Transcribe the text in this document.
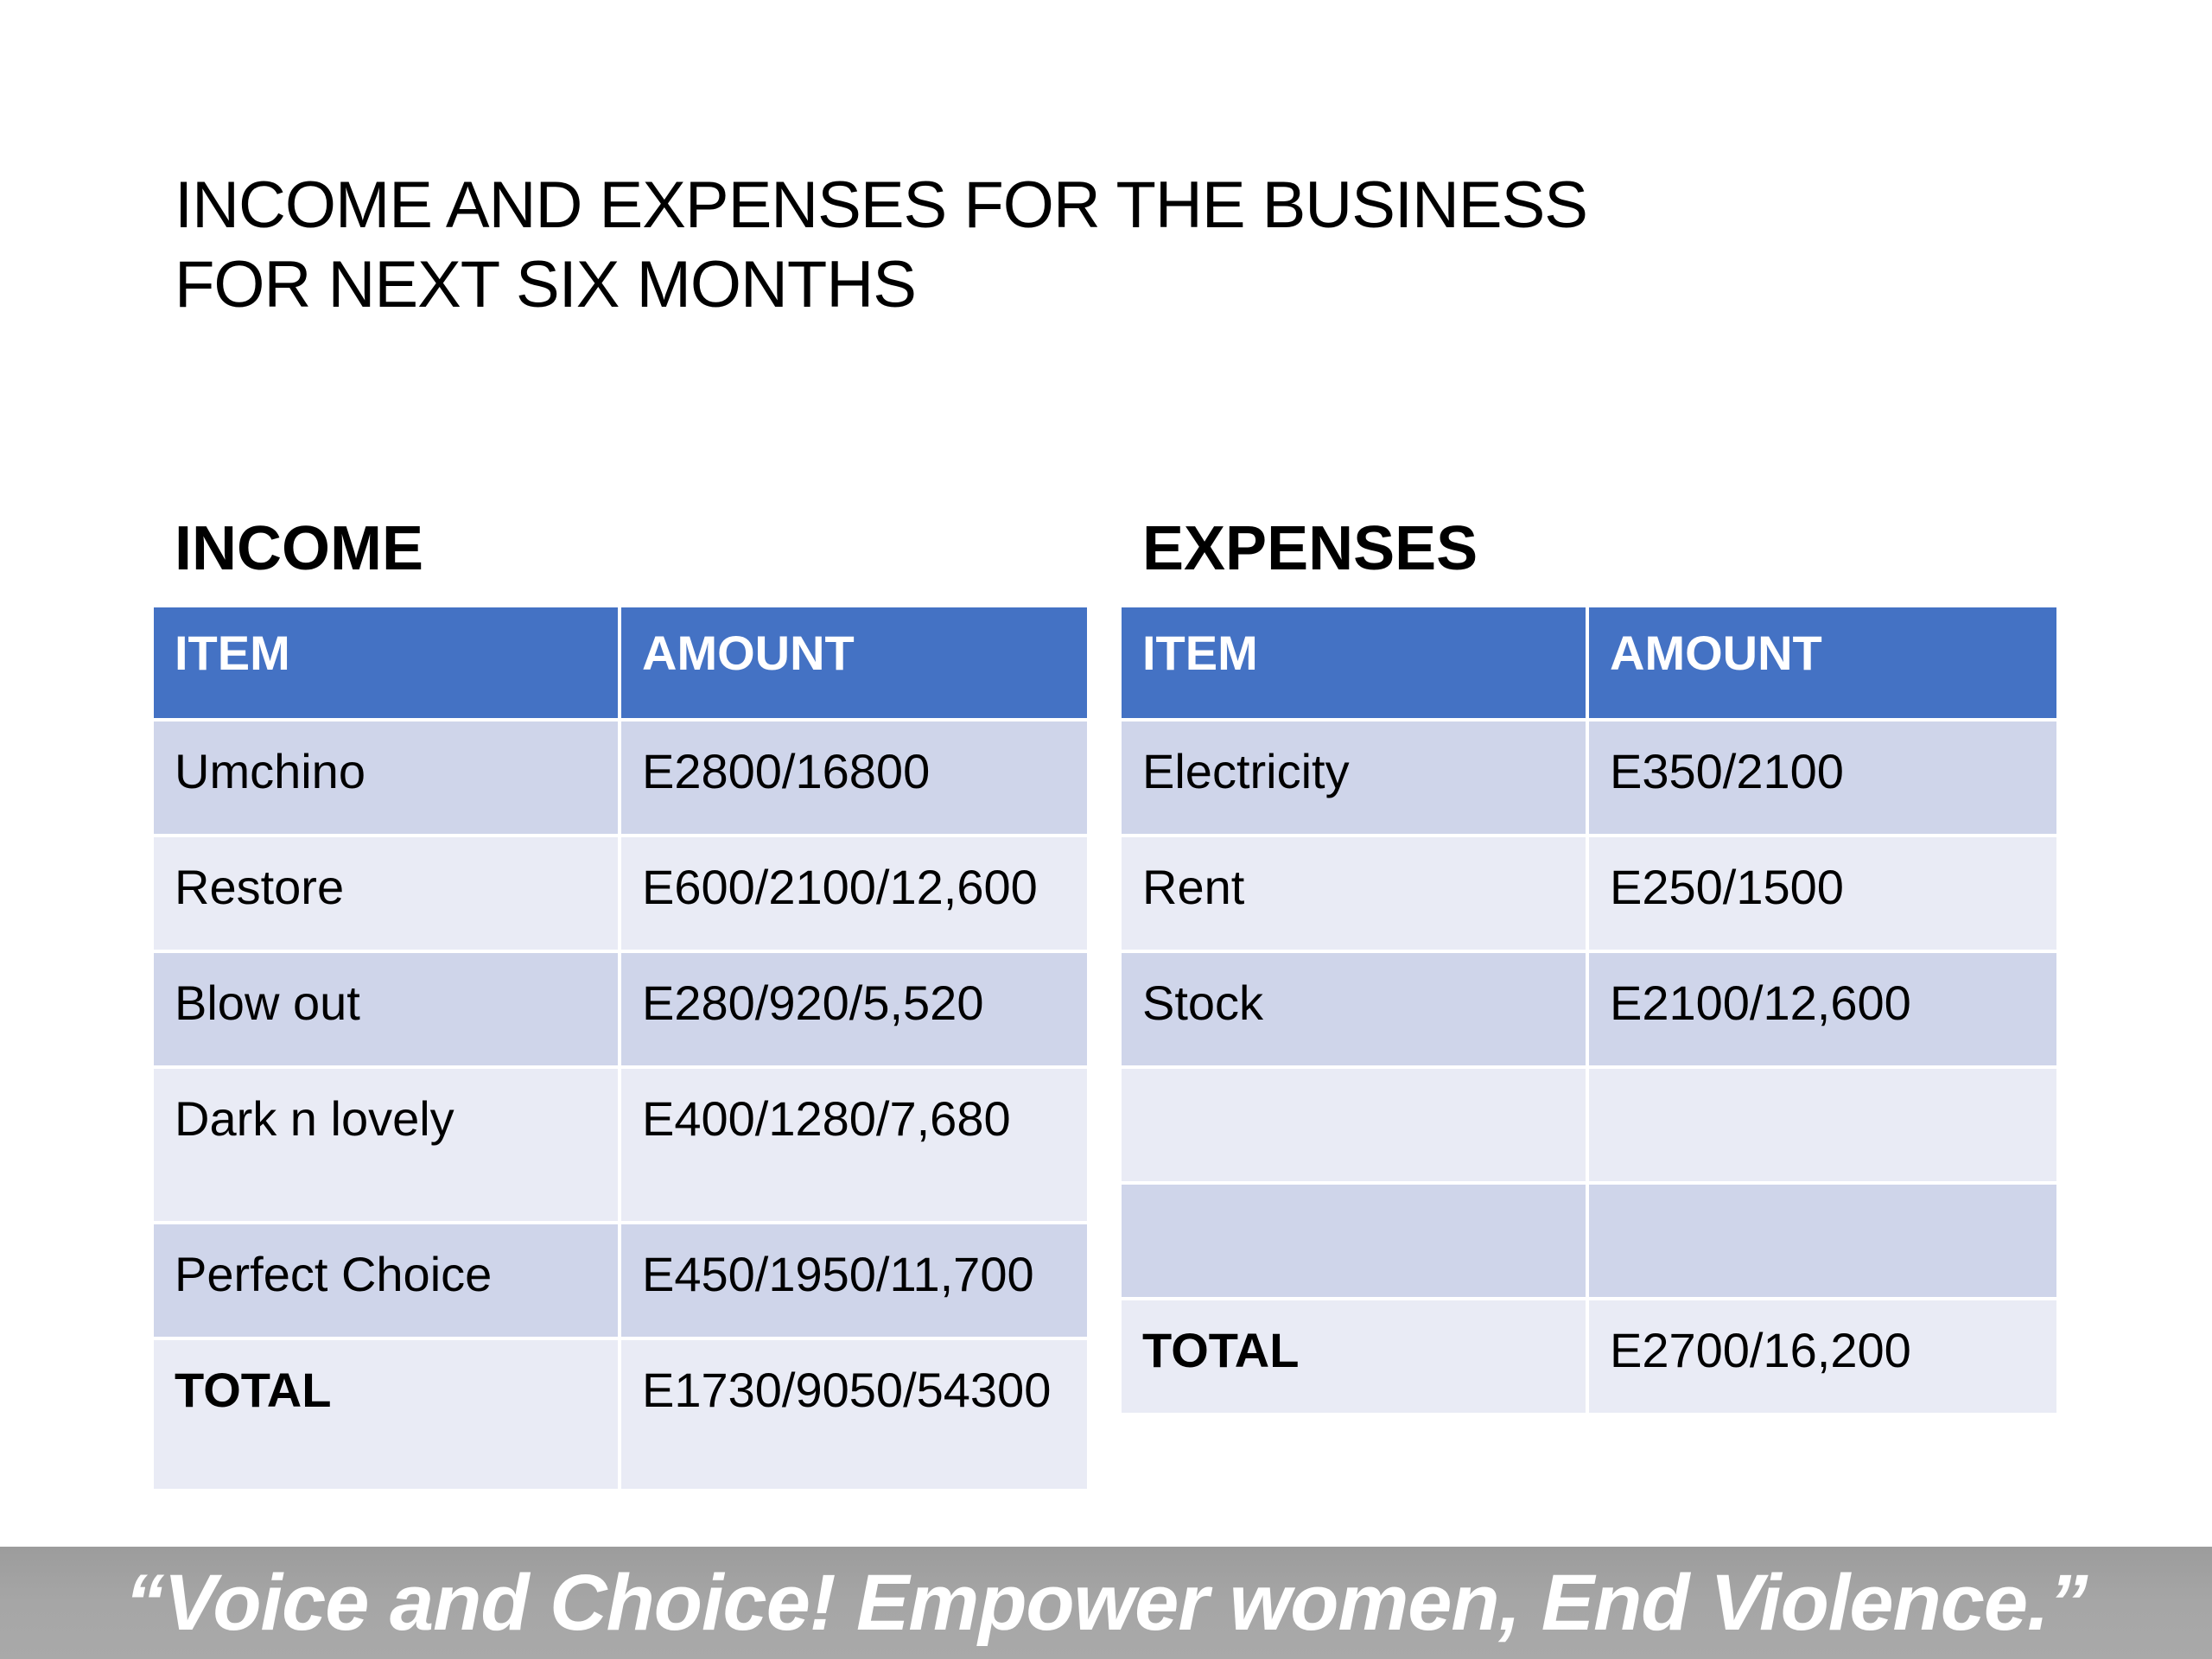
INCOME AND EXPENSES FOR THE BUSINESS FOR NEXT SIX MONTHS
INCOME	EXPENSES
ITEM	AMOUNT
Umchino	E2800/16800
Restore	E600/2100/12,600
Blow out	E280/920/5,520
Dark n lovely	E400/1280/7,680
Perfect Choice	E450/1950/11,700
TOTAL	E1730/9050/54300
ITEM	AMOUNT
Electricity	E350/2100
Rent	E250/1500
Stock	E2100/12,600

TOTAL	E2700/16,200
“Voice and Choice! Empower women, End Violence.”
